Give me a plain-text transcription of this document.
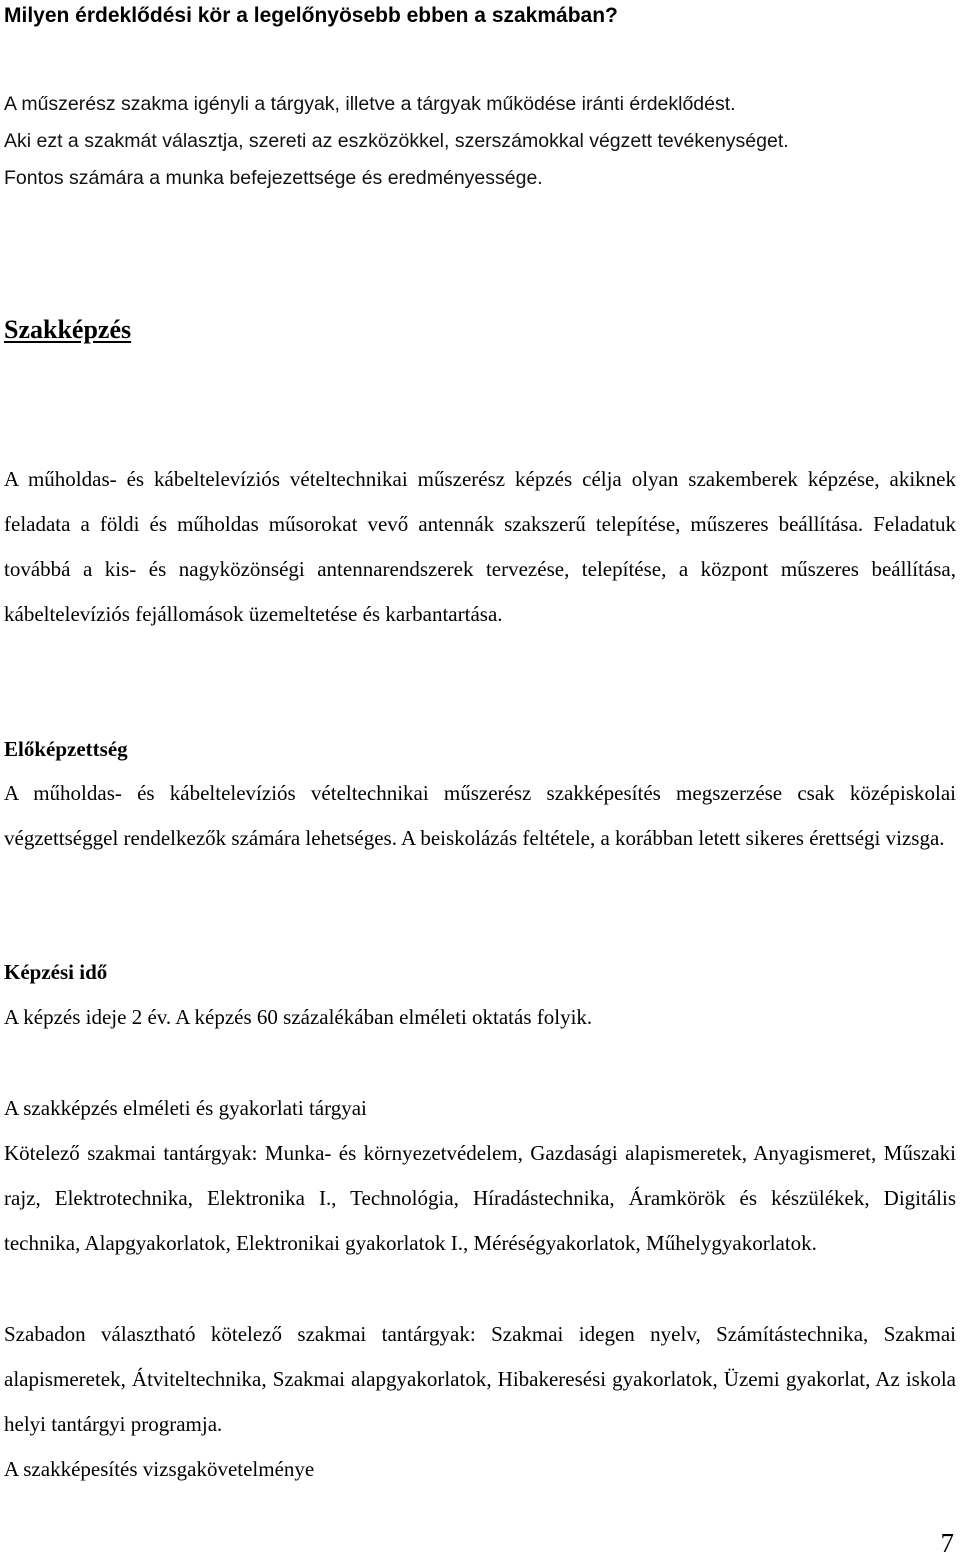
Milyen érdeklődési kör a legelőnyösebb ebben a szakmában?

A műszerész szakma igényli a tárgyak, illetve a tárgyak működése iránti érdeklődést.
Aki ezt a szakmát választja, szereti az eszközökkel, szerszámokkal végzett tevékenységet.
Fontos számára a munka befejezettsége és eredményessége.

Szakképzés

A műholdas- és kábeltelevíziós vételtechnikai műszerész képzés célja olyan szakemberek képzése, akiknek feladata a földi és műholdas műsorokat vevő antennák szakszerű telepítése, műszeres beállítása. Feladatuk továbbá a kis- és nagyközönségi antennarendszerek tervezése, telepítése, a központ műszeres beállítása, kábeltelevíziós fejállomások üzemeltetése és karbantartása.

Előképzettség

A műholdas- és kábeltelevíziós vételtechnikai műszerész szakképesítés megszerzése csak középiskolai végzettséggel rendelkezők számára lehetséges. A beiskolázás feltétele, a korábban letett sikeres érettségi vizsga.

Képzési idő

A képzés ideje 2 év. A képzés 60 százalékában elméleti oktatás folyik.

A szakképzés elméleti és gyakorlati tárgyai
Kötelező szakmai tantárgyak: Munka- és környezetvédelem, Gazdasági alapismeretek, Anyagismeret, Műszaki rajz, Elektrotechnika, Elektronika I., Technológia, Híradástechnika, Áramkörök és készülékek, Digitális technika, Alapgyakorlatok, Elektronikai gyakorlatok I., Méréségyakorlatok, Műhelygyakorlatok.

Szabadon választható kötelező szakmai tantárgyak: Szakmai idegen nyelv, Számítástechnika, Szakmai alapismeretek, Átviteltechnika, Szakmai alapgyakorlatok, Hibakeresési gyakorlatok, Üzemi gyakorlat, Az iskola helyi tantárgyi programja.

A szakképesítés vizsgakövetelménye

7
